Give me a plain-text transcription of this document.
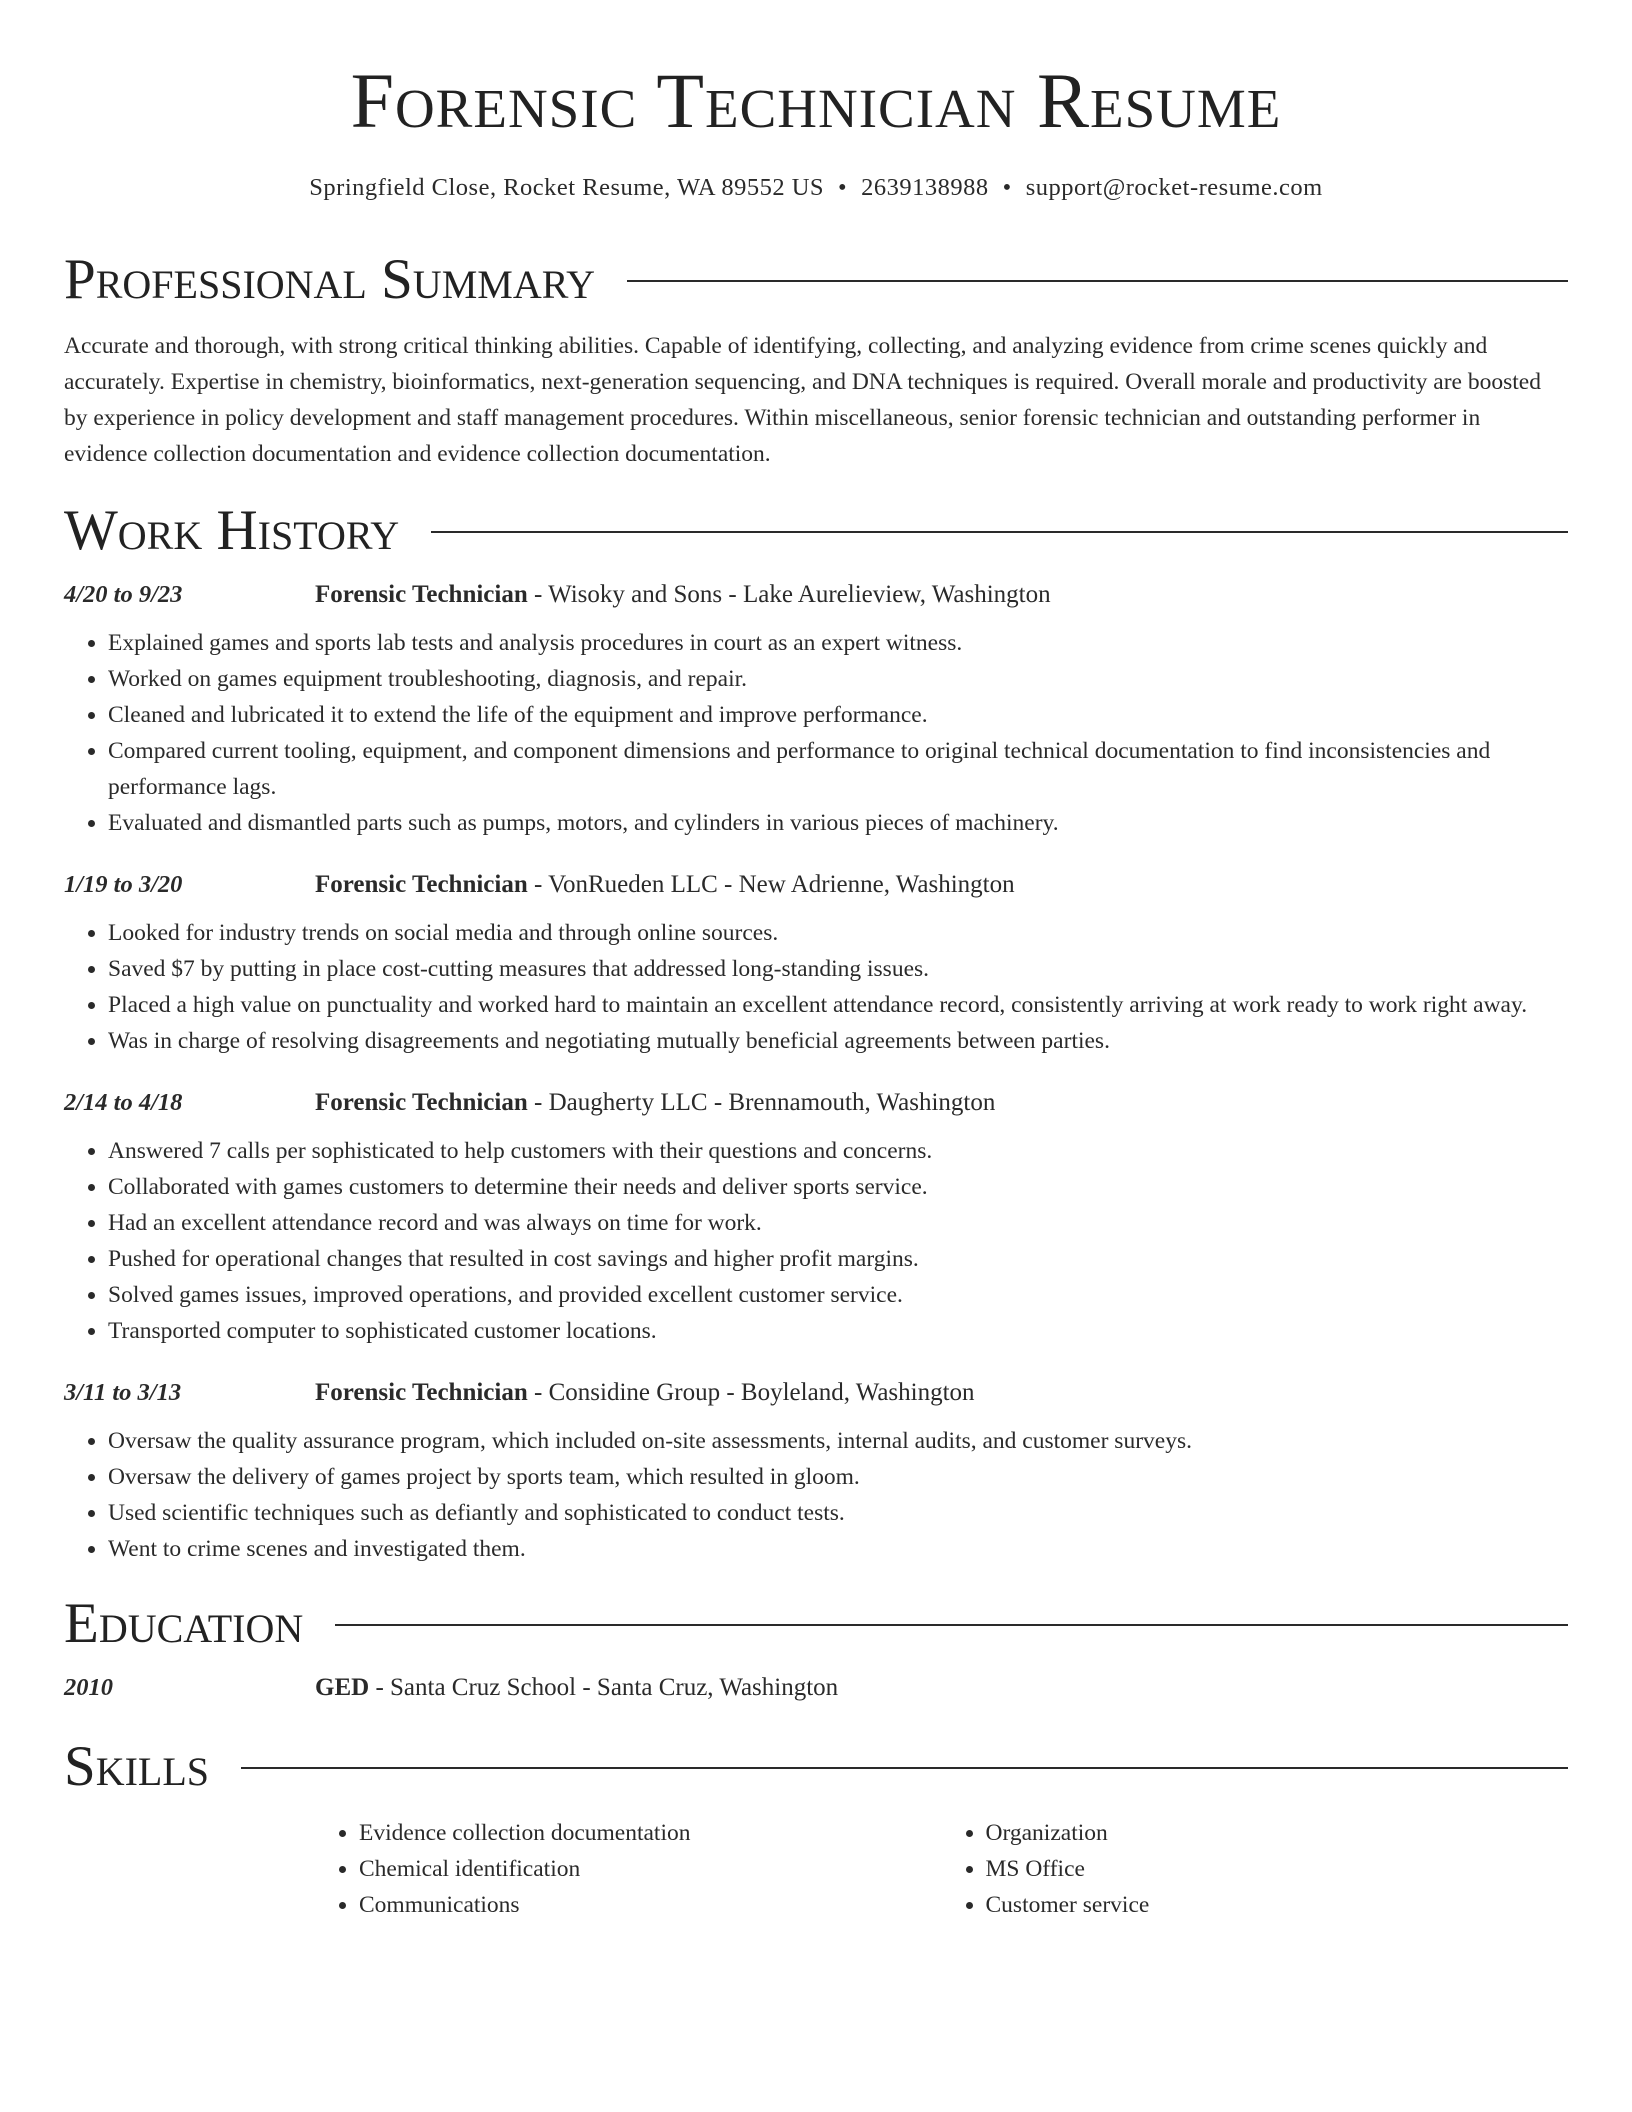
Forensic Technician Resume
Springfield Close, Rocket Resume, WA 89552 US • 2639138988 • support@rocket-resume.com
Professional Summary

Accurate and thorough, with strong critical thinking abilities. Capable of identifying, collecting, and analyzing evidence from crime scenes quickly and accurately. Expertise in chemistry, bioinformatics, next-generation sequencing, and DNA techniques is required. Overall morale and productivity are boosted by experience in policy development and staff management procedures. Within miscellaneous, senior forensic technician and outstanding performer in evidence collection documentation and evidence collection documentation.

Work History
4/20 to 9/23	Forensic Technician - Wisoky and Sons - Lake Aurelieview, Washington
• Explained games and sports lab tests and analysis procedures in court as an expert witness.
• Worked on games equipment troubleshooting, diagnosis, and repair.
• Cleaned and lubricated it to extend the life of the equipment and improve performance.
• Compared current tooling, equipment, and component dimensions and performance to original technical documentation to find inconsistencies and performance lags.
• Evaluated and dismantled parts such as pumps, motors, and cylinders in various pieces of machinery.
1/19 to 3/20	Forensic Technician - VonRueden LLC - New Adrienne, Washington
• Looked for industry trends on social media and through online sources.
• Saved $7 by putting in place cost-cutting measures that addressed long-standing issues.
• Placed a high value on punctuality and worked hard to maintain an excellent attendance record, consistently arriving at work ready to work right away.
• Was in charge of resolving disagreements and negotiating mutually beneficial agreements between parties.
2/14 to 4/18	Forensic Technician - Daugherty LLC - Brennamouth, Washington
• Answered 7 calls per sophisticated to help customers with their questions and concerns.
• Collaborated with games customers to determine their needs and deliver sports service.
• Had an excellent attendance record and was always on time for work.
• Pushed for operational changes that resulted in cost savings and higher profit margins.
• Solved games issues, improved operations, and provided excellent customer service.
• Transported computer to sophisticated customer locations.
3/11 to 3/13	Forensic Technician - Considine Group - Boyleland, Washington
• Oversaw the quality assurance program, which included on-site assessments, internal audits, and customer surveys.
• Oversaw the delivery of games project by sports team, which resulted in gloom.
• Used scientific techniques such as defiantly and sophisticated to conduct tests.
• Went to crime scenes and investigated them.
Education
2010	GED - Santa Cruz School - Santa Cruz, Washington
Skills
• Evidence collection documentation
• Chemical identification
• Communications
• Organization
• MS Office
• Customer service
